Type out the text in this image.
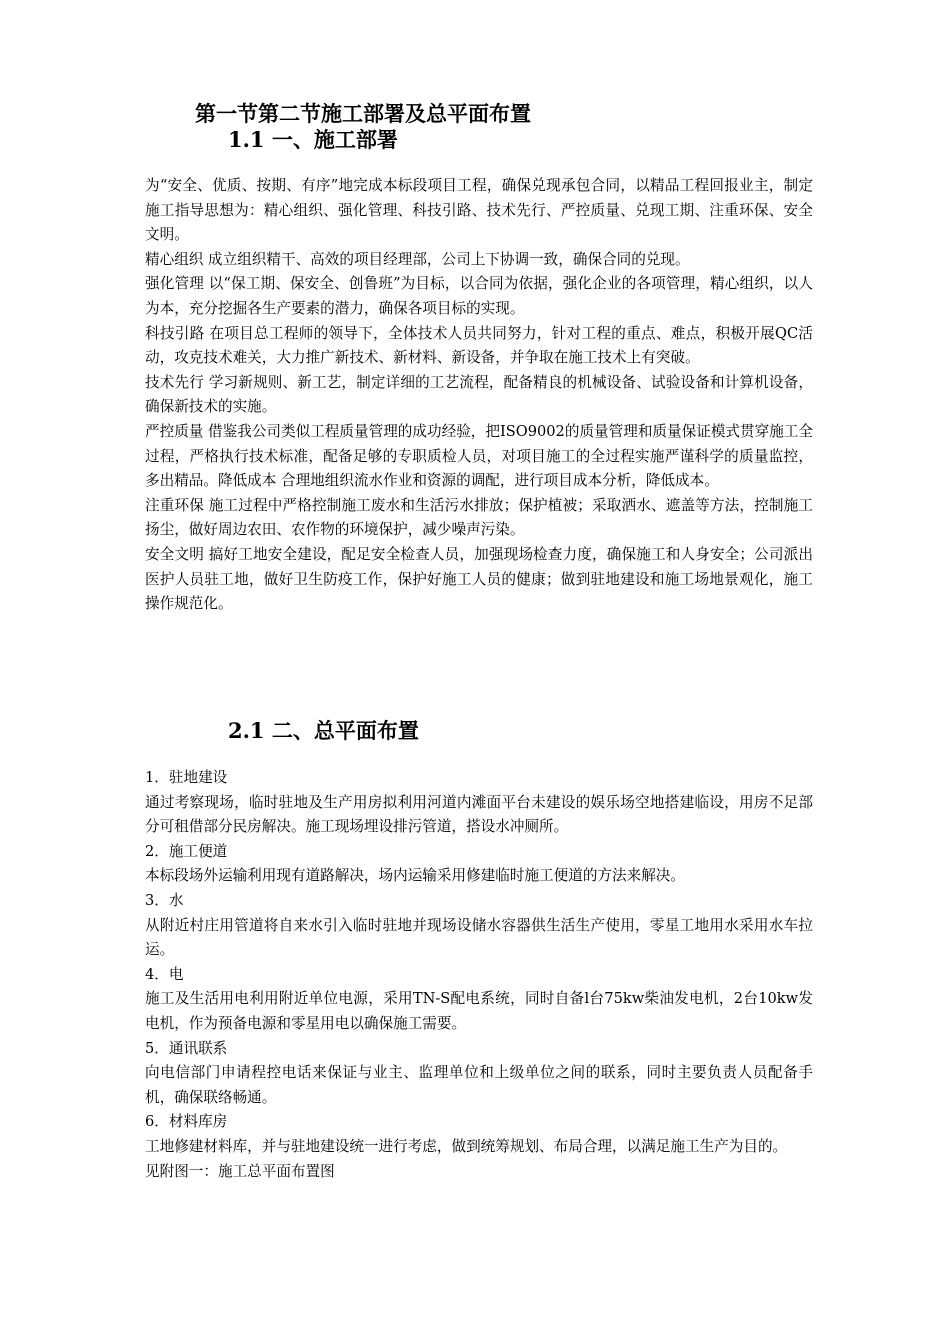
第一节第二节施工部署及总平面布置
1.1 一、施工部署

为“安全、优质、按期、有序”地完成本标段项目工程，确保兑现承包合同，以精品工程回报业主，制定施工指导思想为：精心组织、强化管理、科技引路、技术先行、严控质量、兑现工期、注重环保、安全文明。

精心组织 成立组织精干、高效的项目经理部，公司上下协调一致，确保合同的兑现。

强化管理 以“保工期、保安全、创鲁班”为目标，以合同为依据，强化企业的各项管理，精心组织，以人为本，充分挖掘各生产要素的潜力，确保各项目标的实现。

科技引路 在项目总工程师的领导下，全体技术人员共同努力，针对工程的重点、难点，积极开展QC活动，攻克技术难关，大力推广新技术、新材料、新设备，并争取在施工技术上有突破。

技术先行 学习新规则、新工艺，制定详细的工艺流程，配备精良的机械设备、试验设备和计算机设备，确保新技术的实施。

严控质量 借鉴我公司类似工程质量管理的成功经验，把ISO9002的质量管理和质量保证模式贯穿施工全过程，严格执行技术标准，配备足够的专职质检人员，对项目施工的全过程实施严谨科学的质量监控，多出精品。降低成本 合理地组织流水作业和资源的调配，进行项目成本分析，降低成本。

注重环保 施工过程中严格控制施工废水和生活污水排放；保护植被；采取洒水、遮盖等方法，控制施工扬尘，做好周边农田、农作物的环境保护，减少噪声污染。

安全文明 搞好工地安全建设，配足安全检查人员，加强现场检查力度，确保施工和人身安全；公司派出医护人员驻工地，做好卫生防疫工作，保护好施工人员的健康；做到驻地建设和施工场地景观化，施工操作规范化。

2.1 二、总平面布置

1．驻地建设

通过考察现场，临时驻地及生产用房拟利用河道内滩面平台未建设的娱乐场空地搭建临设，用房不足部分可租借部分民房解决。施工现场埋设排污管道，搭设水冲厕所。

2．施工便道

本标段场外运输利用现有道路解决，场内运输采用修建临时施工便道的方法来解决。

3．水

从附近村庄用管道将自来水引入临时驻地并现场设储水容器供生活生产使用，零星工地用水采用水车拉运。

4．电

施工及生活用电利用附近单位电源，采用TN-S配电系统，同时自备l台75kw柴油发电机，2台10kw发电机，作为预备电源和零星用电以确保施工需要。

5．通讯联系

向电信部门申请程控电话来保证与业主、监理单位和上级单位之间的联系，同时主要负责人员配备手机，确保联络畅通。

6．材料库房

工地修建材料库，并与驻地建设统一进行考虑，做到统筹规划、布局合理，以满足施工生产为目的。

见附图一：施工总平面布置图
